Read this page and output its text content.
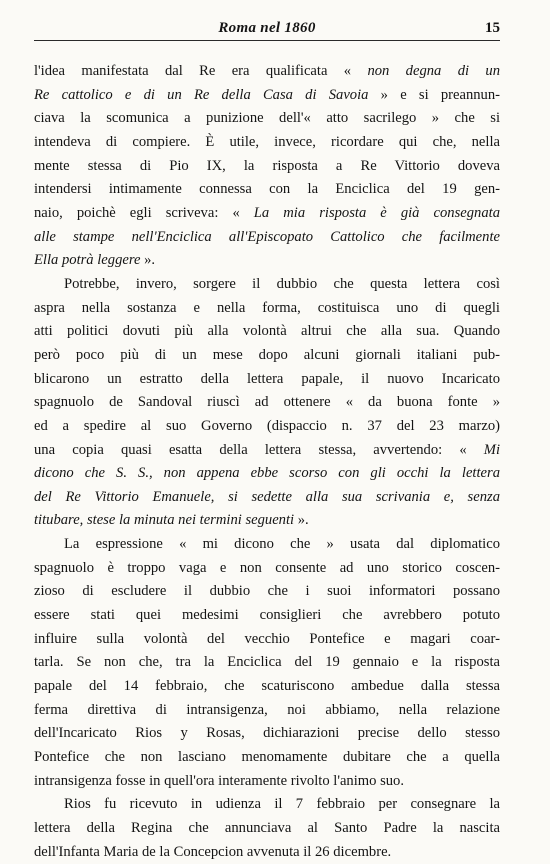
Roma nel 1860	15
l'idea manifestata dal Re era qualificata « non degna di un
Re cattolico e di un Re della Casa di Savoia » e si preannun-
ciava la scomunica a punizione dell'« atto sacrilego » che si
intendeva di compiere. È utile, invece, ricordare qui che, nella
mente stessa di Pio IX, la risposta a Re Vittorio doveva
intendersi intimamente connessa con la Enciclica del 19 gen-
naio, poichè egli scriveva: « La mia risposta è già consegnata
alle stampe nell'Enciclica all'Episcopato Cattolico che facilmente
Ella potrà leggere ».
Potrebbe, invero, sorgere il dubbio che questa lettera così
aspra nella sostanza e nella forma, costituisca uno di quegli
atti politici dovuti più alla volontà altrui che alla sua. Quando
però poco più di un mese dopo alcuni giornali italiani pub-
blicarono un estratto della lettera papale, il nuovo Incaricato
spagnuolo de Sandoval riuscì ad ottenere « da buona fonte »
ed a spedire al suo Governo (dispaccio n. 37 del 23 marzo)
una copia quasi esatta della lettera stessa, avvertendo: « Mi
dicono che S. S., non appena ebbe scorso con gli occhi la lettera
del Re Vittorio Emanuele, si sedette alla sua scrivania e, senza
titubare, stese la minuta nei termini seguenti ».
La espressione « mi dicono che » usata dal diplomatico
spagnuolo è troppo vaga e non consente ad uno storico coscen-
zioso di escludere il dubbio che i suoi informatori possano
essere stati quei medesimi consiglieri che avrebbero potuto
influire sulla volontà del vecchio Pontefice e magari coar-
tarla. Se non che, tra la Enciclica del 19 gennaio e la risposta
papale del 14 febbraio, che scaturiscono ambedue dalla stessa
ferma direttiva di intransigenza, noi abbiamo, nella relazione
dell'Incaricato Rios y Rosas, dichiarazioni precise dello stesso
Pontefice che non lasciano menomamente dubitare che a quella
intransigenza fosse in quell'ora interamente rivolto l'animo suo.
Rios fu ricevuto in udienza il 7 febbraio per consegnare la
lettera della Regina che annunciava al Santo Padre la nascita
dell'Infanta Maria de la Concepcion avvenuta il 26 dicembre.
